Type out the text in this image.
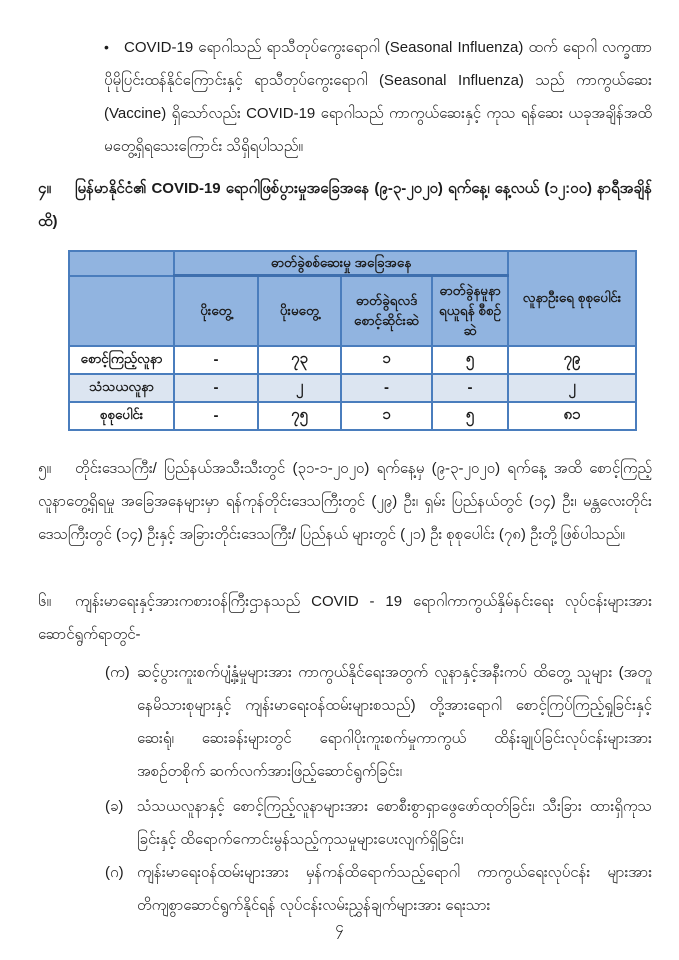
• COVID-19 ရောဂါသည် ရာသီတုပ်ကွေးရောဂါ (Seasonal Influenza) ထက် ရောဂါ လက္ခဏာ ပိုမိုပြင်းထန်နိုင်ကြောင်းနှင့် ရာသီတုပ်ကွေးရောဂါ (Seasonal Influenza) သည် ကာကွယ်ဆေး (Vaccine) ရှိသော်လည်း COVID-19 ရောဂါသည် ကာကွယ်ဆေးနှင့် ကုသ ရန်ဆေး ယခုအချိန်အထိ မတွေ့ရှိရသေးကြောင်း သိရှိရပါသည်။
၄။ မြန်မာနိုင်ငံ၏ COVID-19 ရောဂါဖြစ်ပွားမှုအခြေအနေ (၉-၃-၂၀၂၀) ရက်နေ့၊ နေ့လယ် (၁၂:၀၀) နာရီအချိန်ထိ)
	ဓာတ်ခွဲစစ်ဆေးမှု အခြေအနေ				လူနာဦးရေ စုစုပေါင်း
	ပိုးတွေ့	ပိုးမတွေ့	ဓာတ်ခွဲရလဒ် စောင့်ဆိုင်းဆဲ	ဓာတ်ခွဲနမူနာ ရယူရန် စီစဉ်ဆဲ	
စောင့်ကြည့်လူနာ	-	၇၃	၁	၅	၇၉
သံသယလူနာ	-	၂	-	-	၂
စုစုပေါင်း	-	၇၅	၁	၅	၈၁
၅။ တိုင်းဒေသကြီး/ ပြည်နယ်အသီးသီးတွင် (၃၁-၁-၂၀၂၀) ရက်နေ့မှ (၉-၃-၂၀၂၀) ရက်နေ့ အထိ စောင့်ကြည့်လူနာတွေ့ရှိရမှု အခြေအနေများမှာ ရန်ကုန်တိုင်းဒေသကြီးတွင် (၂၉) ဦး၊ ရှမ်း ပြည်နယ်တွင် (၁၄) ဦး၊ မန္တလေးတိုင်းဒေသကြီးတွင် (၁၄) ဦးနှင့် အခြားတိုင်းဒေသကြီး/ ပြည်နယ် များတွင် (၂၁) ဦး စုစုပေါင်း (၇၈) ဦးတို့ဖြစ်ပါသည်။
၆။ ကျန်းမာရေးနှင့်အားကစားဝန်ကြီးဌာနသည် COVID - 19 ရောဂါကာကွယ်နှိမ်နင်းရေး လုပ်ငန်းများအား ဆောင်ရွက်ရာတွင်-
(က) ဆင့်ပွားကူးစက်ပျံ့နှံ့မှုများအား ကာကွယ်နိုင်ရေးအတွက် လူနာနှင့်အနီးကပ် ထိတွေ့ သူများ (အတူနေမိသားစုများနှင့် ကျန်းမာရေးဝန်ထမ်းများစသည်) တို့အားရောဂါ စောင့်ကြပ်ကြည့်ရှုခြင်းနှင့် ဆေးရုံ၊ ဆေးခန်းများတွင် ရောဂါပိုးကူးစက်မှုကာကွယ် ထိန်းချုပ်ခြင်းလုပ်ငန်းများအား အစဉ်တစိုက် ဆက်လက်အားဖြည့်ဆောင်ရွက်ခြင်း၊
(ခ) သံသယလူနာနှင့် စောင့်ကြည့်လူနာများအား စောစီးစွာရှာဖွေဖော်ထုတ်ခြင်း၊ သီးခြား ထားရှိကုသခြင်းနှင့် ထိရောက်ကောင်းမွန်သည့်ကုသမှုများပေးလျက်ရှိခြင်း၊
(ဂ) ကျန်းမာရေးဝန်ထမ်းများအား မှန်ကန်ထိရောက်သည့်ရောဂါ ကာကွယ်ရေးလုပ်ငန်း များအား တိကျစွာဆောင်ရွက်နိုင်ရန် လုပ်ငန်းလမ်းညွှန်ချက်များအား ရေးသား
၄
